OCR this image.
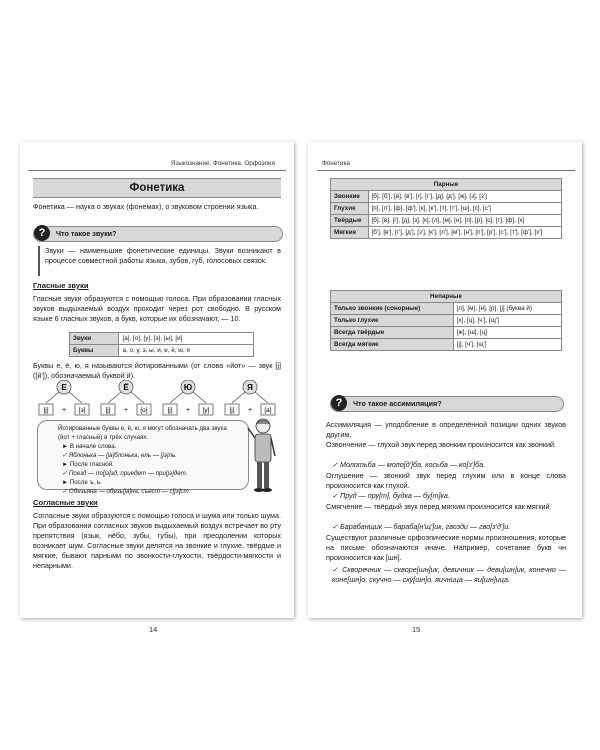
Языкознание. Фонетика. Орфоэпия
Фонетика
Фонетика — наука о звуках (фонемах), о звуковом строении языка.
?	Что такое звуки?
Звуки — наименьшие фонетические единицы. Звуки возникают в процессе совместной работы языка, зубов, губ, голосовых связок.
Гласные звуки
Гласные звуки образуются с помощью голоса. При образовании гласных звуков выдыхаемый воздух проходит через рот свободно. В русском языке 6 гласных звуков, а букв, которые их обозначают, — 10.
Звуки	[а], [о], [у], [э], [ы], [и]
Буквы	а, о, у, э, ы, и, е, ё, ю, я
Буквы е, ё, ю, я называются йотированными (от слова «йот» — звук [j] ([й']), обозначаемый буквой й).
Е
[j]	[э]
+
Ё
[j]	[о]
+
Ю
[j]	[у]
+
Я
[j]	[а]
+
Йотированные буквы е, ё, ю, я могут обозначать два звука (йот + гласный) в трёх случаях.
► В начале слова.
✓ Яблонька — [ja]блонька, ель — [jэ]ль.
► После гласной.
✓ Поезд — по[jэ]зд, приедет — при[jэ]дет.
► После ъ, ь.
✓ Обезьяна — обезь[ja]на, съест — с[jэ]ст.
Согласные звуки
Согласные звуки образуются с помощью голоса и шума или только шума. При образовании согласных звуков выдыхаемый воздух встречает во рту препятствия (язык, нёбо, зубы, губы), при преодолении которых возникает шум. Согласные звуки делятся на звонкие и глухие, твёрдые и мягкие, бывают парными по звонкости-глухости, твёрдости-мягкости и непарными.
14
Фонетика
Парные	
Звонкие	[б], [б'], [в], [в'], [г], [г'], [д], [д'], [ж], [з], [з']
Глухие	[п], [п'], [ф], [ф'], [к], [к'], [т], [т'], [ш], [с], [с']
Твёрдые	[б], [в], [г], [д], [з], [к], [л], [м], [н], [п], [р], [с], [т], [ф], [х]
Мягкие	[б'], [в'], [г'], [д'], [з'], [к'], [л'], [м'], [н'], [п'], [р'], [с'], [т'], [ф'], [х']
Непарные	
Только звонкие (сонорные)	[л], [м], [н], [р], [j] (буква й)
Только глухие	[х], [ц], [ч'], [щ']
Всегда твёрдые	[ж], [ш], [ц]
Всегда мягкие	[j], [ч'], [щ']
?	Что такое ассимиляция?
Ассимиляция — уподобление в определённой позиции одних звуков другим.
Озвончение — глухой звук перед звонким произносится как звонкий.
✓ Молотьба — моло[д']ба, косьба — ко[з']ба.
Оглушение — звонкий звук перед глухим или в конце слова произносится как глухой.
✓ Пруд — пру[т], будка — бу[т]ка.
Смягчение — твёрдый звук перед мягким произносится как мягкий.
✓ Барабанщик — бараба[н'щ']ик, гвозди — гво[з'д']и.
Существуют различные орфоэпические нормы произношения, которые на письме обозначаются иначе. Например, сочетание букв чн произносится как [шн].
✓ Скворечник — скворе[шн]ик, девичник — деви[шн]ик, конечно — коне[шн]о, скучно — ску[шн]о, яичница — яи[шн]ица.
15
